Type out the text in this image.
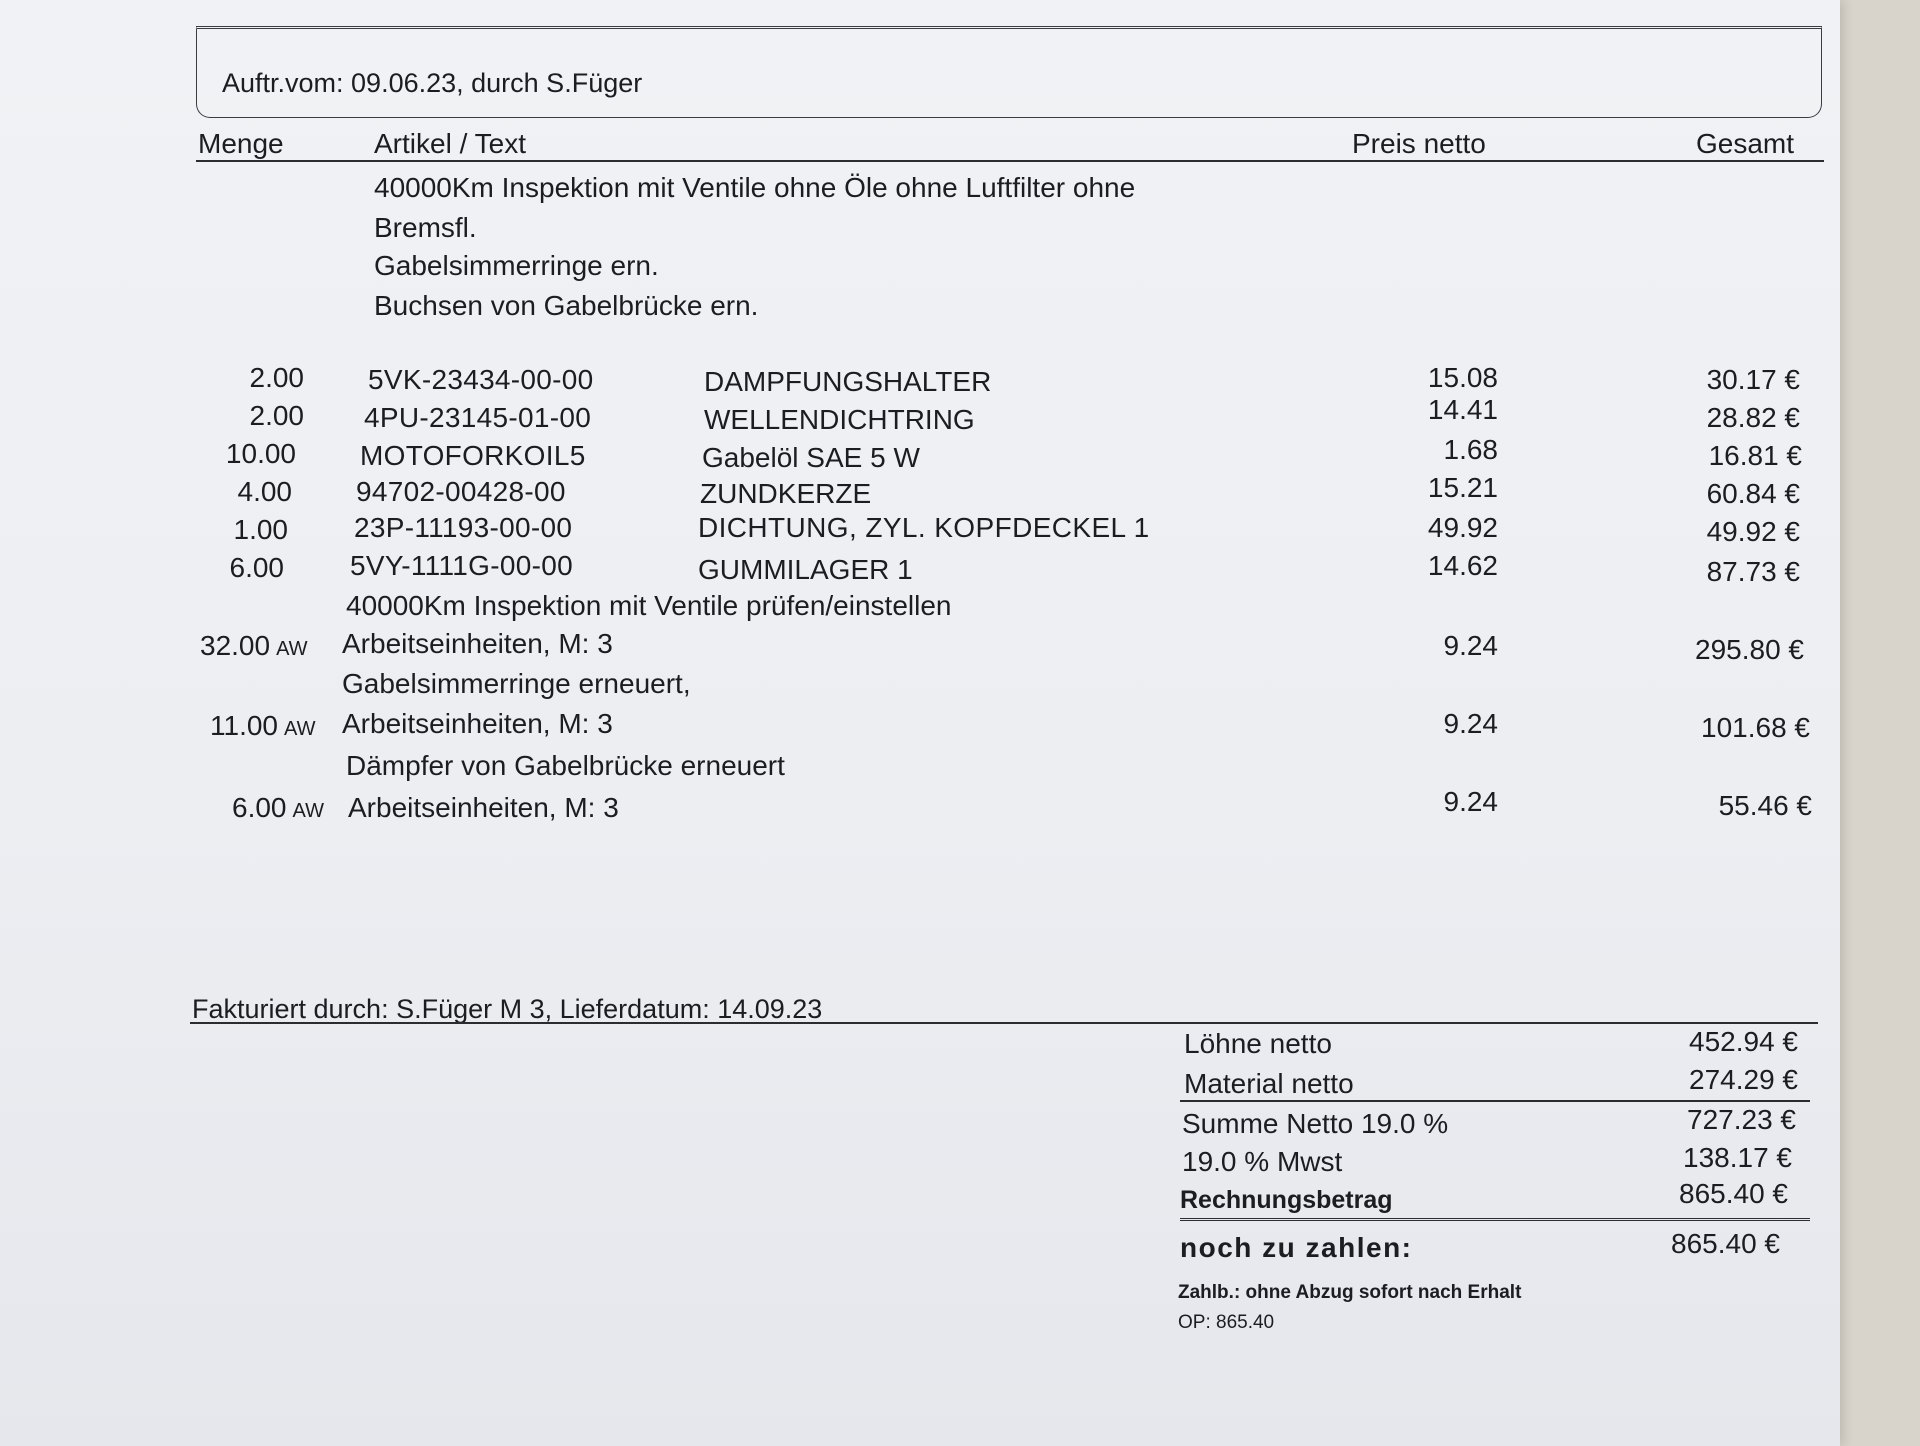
Auftr.vom: 09.06.23, durch S.Füger
Menge	Artikel / Text	Preis netto	Gesamt
40000Km Inspektion mit Ventile ohne Öle ohne Luftfilter ohne
Bremsfl.
Gabelsimmerringe ern.
Buchsen von Gabelbrücke ern.
2.00 5VK-23434-00-00	DAMPFUNGSHALTER	15.08	30.17 €
2.00 4PU-23145-01-00	WELLENDICHTRING	14.41	28.82 €
10.00 MOTOFORKOIL5	Gabelöl SAE 5 W	1.68	16.81 €
4.00 94702-00428-00	ZUNDKERZE	15.21	60.84 €
1.00 23P-11193-00-00	DICHTUNG, ZYL. KOPFDECKEL 1	49.92	49.92 €
6.00 5VY-1111G-00-00	GUMMILAGER 1	14.62	87.73 €
40000Km Inspektion mit Ventile prüfen/einstellen
32.00 AW Arbeitseinheiten, M: 3	9.24	295.80 €
Gabelsimmerringe erneuert,
11.00 AW Arbeitseinheiten, M: 3	9.24	101.68 €
Dämpfer von Gabelbrücke erneuert
6.00 AW Arbeitseinheiten, M: 3	9.24	55.46 €
Fakturiert durch: S.Füger M 3, Lieferdatum: 14.09.23
Löhne netto	452.94 €
Material netto	274.29 €
Summe Netto 19.0 %	727.23 €
19.0 % Mwst	138.17 €
Rechnungsbetrag	865.40 €
noch zu zahlen:	865.40 €
Zahlb.: ohne Abzug sofort nach Erhalt
OP: 865.40
